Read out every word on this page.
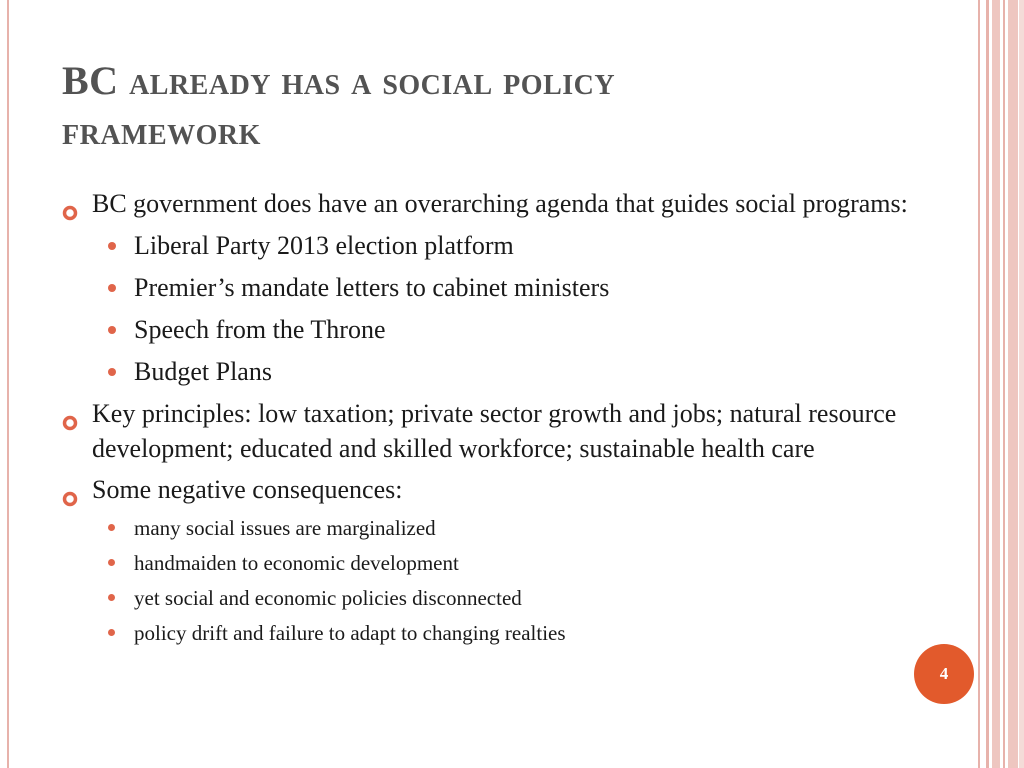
BC already has a social policy
framework
BC government does have an overarching agenda that guides social programs:
Liberal Party 2013 election platform
Premier’s mandate letters to cabinet ministers
Speech from the Throne
Budget Plans
Key principles: low taxation; private sector growth and jobs; natural resource development; educated and skilled workforce; sustainable health care
Some negative consequences:
many social issues are marginalized
handmaiden to economic development
yet social and economic policies disconnected
policy drift and failure to adapt to changing realties
4
